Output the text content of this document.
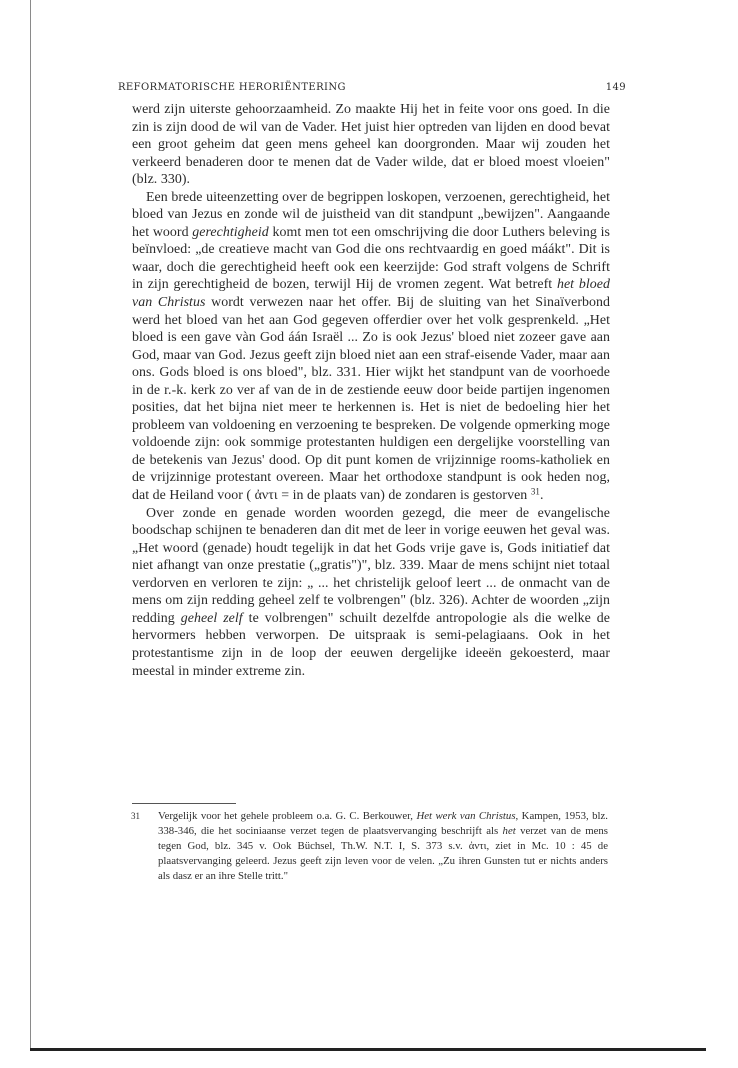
REFORMATORISCHE HERORIËNTERING	149

werd zijn uiterste gehoorzaamheid. Zo maakte Hij het in feite voor ons goed. In die zin is zijn dood de wil van de Vader. Het juist hier optreden van lijden en dood bevat een groot geheim dat geen mens geheel kan doorgronden. Maar wij zouden het verkeerd benaderen door te menen dat de Vader wilde, dat er bloed moest vloeien" (blz. 330).

Een brede uiteenzetting over de begrippen loskopen, verzoenen, gerechtigheid, het bloed van Jezus en zonde wil de juistheid van dit standpunt „bewijzen". Aangaande het woord gerechtigheid komt men tot een omschrijving die door Luthers beleving is beïnvloed: „de creatieve macht van God die ons rechtvaardig en goed máákt". Dit is waar, doch die gerechtigheid heeft ook een keerzijde: God straft volgens de Schrift in zijn gerechtigheid de bozen, terwijl Hij de vromen zegent. Wat betreft het bloed van Christus wordt verwezen naar het offer. Bij de sluiting van het Sinaïverbond werd het bloed van het aan God gegeven offerdier over het volk gesprenkeld. „Het bloed is een gave vàn God áán Israël ... Zo is ook Jezus' bloed niet zozeer gave aan God, maar van God. Jezus geeft zijn bloed niet aan een straf-eisende Vader, maar aan ons. Gods bloed is ons bloed", blz. 331. Hier wijkt het standpunt van de voorhoede in de r.-k. kerk zo ver af van de in de zestiende eeuw door beide partijen ingenomen posities, dat het bijna niet meer te herkennen is. Het is niet de bedoeling hier het probleem van voldoening en verzoening te bespreken. De volgende opmerking moge voldoende zijn: ook sommige protestanten huldigen een dergelijke voorstelling van de betekenis van Jezus' dood. Op dit punt komen de vrijzinnige rooms-katholiek en de vrijzinnige protestant overeen. Maar het orthodoxe standpunt is ook heden nog, dat de Heiland voor ( ἀντι = in de plaats van) de zondaren is gestorven $^{31}$.

Over zonde en genade worden woorden gezegd, die meer de evangelische boodschap schijnen te benaderen dan dit met de leer in vorige eeuwen het geval was. „Het woord (genade) houdt tegelijk in dat het Gods vrije gave is, Gods initiatief dat niet afhangt van onze prestatie („gratis")", blz. 339. Maar de mens schijnt niet totaal verdorven en verloren te zijn: „ ... het christelijk geloof leert ... de onmacht van de mens om zijn redding geheel zelf te volbrengen" (blz. 326). Achter de woorden „zijn redding geheel zelf te volbrengen" schuilt dezelfde antropologie als die welke de hervormers hebben verworpen. De uitspraak is semi-pelagiaans. Ook in het protestantisme zijn in de loop der eeuwen dergelijke ideeën gekoesterd, maar meestal in minder extreme zin.

31	Vergelijk voor het gehele probleem o.a. G. C. Berkouwer, Het werk van Christus, Kampen, 1953, blz. 338-346, die het sociniaanse verzet tegen de plaatsvervanging beschrijft als het verzet van de mens tegen God, blz. 345 v. Ook Büchsel, Th.W. N.T. I, S. 373 s.v. ἀντι, ziet in Mc. 10 : 45 de plaatsvervanging geleerd. Jezus geeft zijn leven voor de velen. „Zu ihren Gunsten tut er nichts anders als dasz er an ihre Stelle tritt."
